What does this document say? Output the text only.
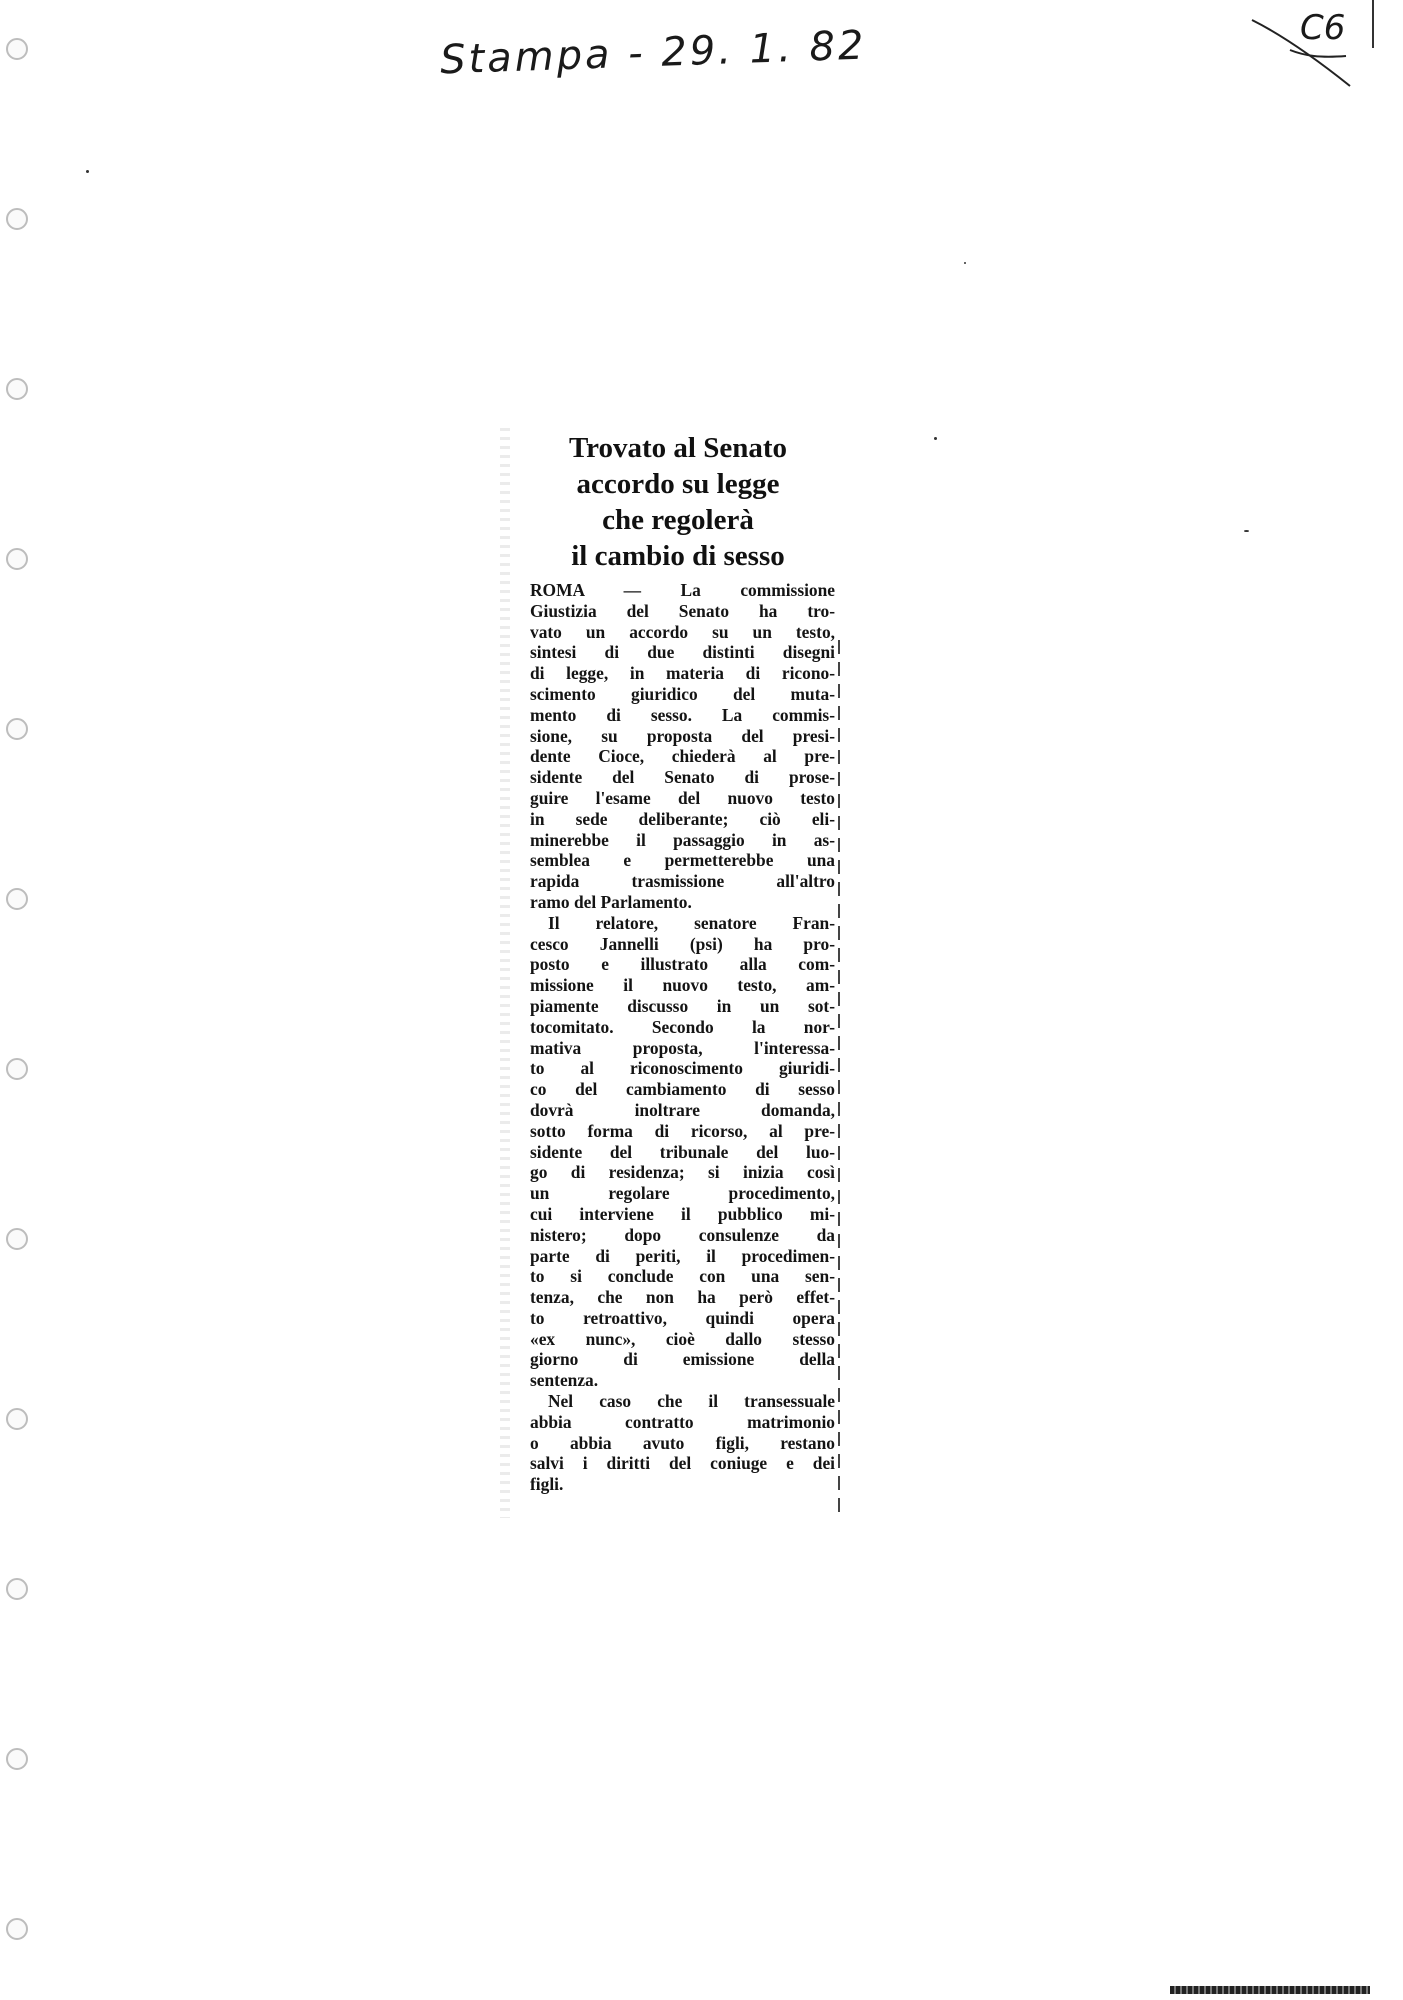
Stampa - 29. 1. 82	C6
Trovato al Senato
accordo su legge
che regolerà
il cambio di sesso
ROMA — La commissione
Giustizia del Senato ha tro-
vato un accordo su un testo,
sintesi di due distinti disegni
di legge, in materia di ricono-
scimento giuridico del muta-
mento di sesso. La commis-
sione, su proposta del presi-
dente Cioce, chiederà al pre-
sidente del Senato di prose-
guire l'esame del nuovo testo
in sede deliberante; ciò eli-
minerebbe il passaggio in as-
semblea e permetterebbe una
rapida trasmissione all'altro
ramo del Parlamento.
Il relatore, senatore Fran-
cesco Jannelli (psi) ha pro-
posto e illustrato alla com-
missione il nuovo testo, am-
piamente discusso in un sot-
tocomitato. Secondo la nor-
mativa proposta, l'interessa-
to al riconoscimento giuridi-
co del cambiamento di sesso
dovrà inoltrare domanda,
sotto forma di ricorso, al pre-
sidente del tribunale del luo-
go di residenza; si inizia così
un regolare procedimento,
cui interviene il pubblico mi-
nistero; dopo consulenze da
parte di periti, il procedimen-
to si conclude con una sen-
tenza, che non ha però effet-
to retroattivo, quindi opera
«ex nunc», cioè dallo stesso
giorno di emissione della
sentenza.
Nel caso che il transessuale
abbia contratto matrimonio
o abbia avuto figli, restano
salvi i diritti del coniuge e dei
figli.
